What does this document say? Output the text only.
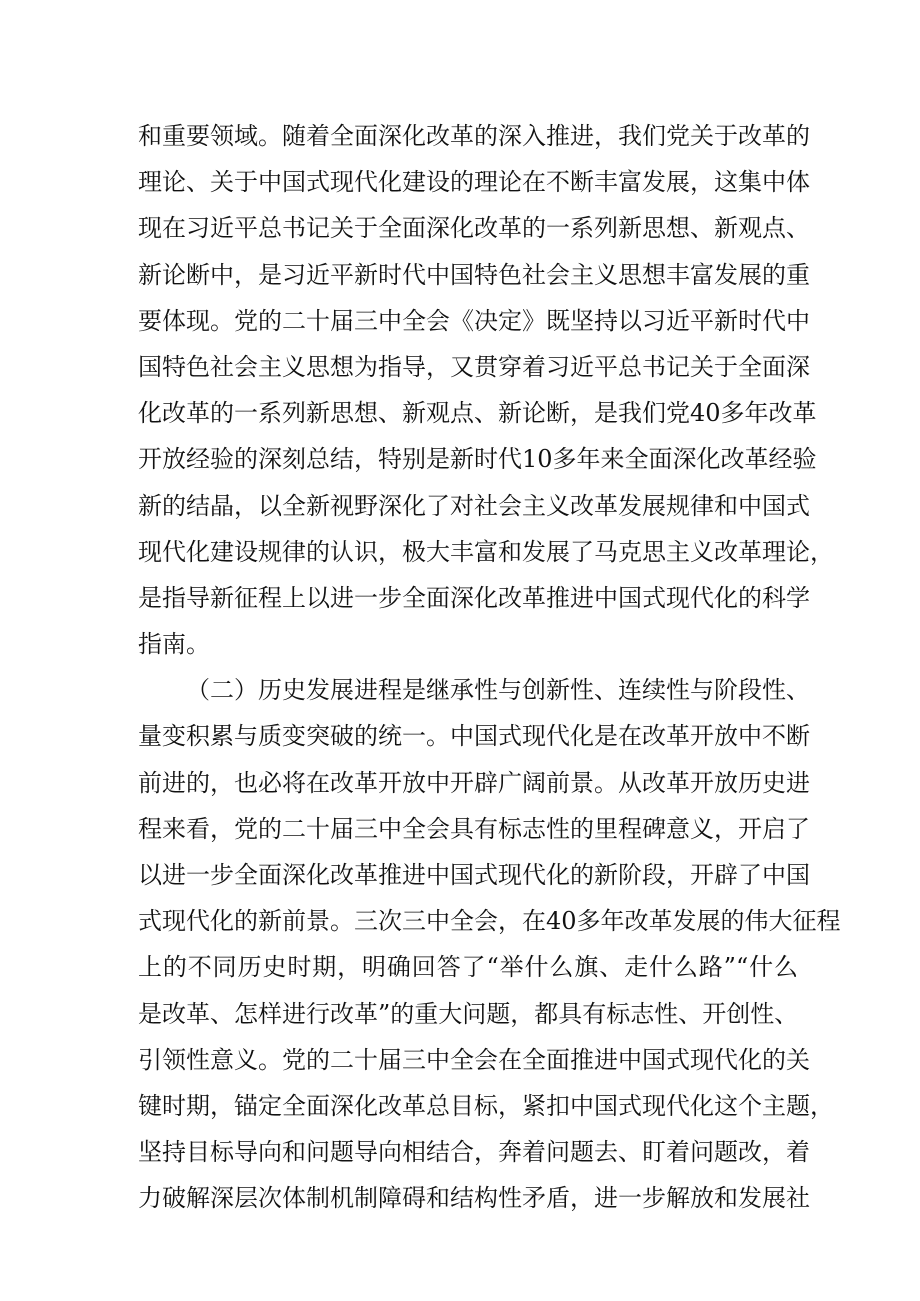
和重要领域。随着全面深化改革的深入推进，我们党关于改革的
理论、关于中国式现代化建设的理论在不断丰富发展，这集中体
现在习近平总书记关于全面深化改革的一系列新思想、新观点、
新论断中，是习近平新时代中国特色社会主义思想丰富发展的重
要体现。党的二十届三中全会《决定》既坚持以习近平新时代中
国特色社会主义思想为指导，又贯穿着习近平总书记关于全面深
化改革的一系列新思想、新观点、新论断，是我们党40多年改革
开放经验的深刻总结，特别是新时代10多年来全面深化改革经验
新的结晶，以全新视野深化了对社会主义改革发展规律和中国式
现代化建设规律的认识，极大丰富和发展了马克思主义改革理论，
是指导新征程上以进一步全面深化改革推进中国式现代化的科学
指南。
（二）历史发展进程是继承性与创新性、连续性与阶段性、
量变积累与质变突破的统一。中国式现代化是在改革开放中不断
前进的，也必将在改革开放中开辟广阔前景。从改革开放历史进
程来看，党的二十届三中全会具有标志性的里程碑意义，开启了
以进一步全面深化改革推进中国式现代化的新阶段，开辟了中国
式现代化的新前景。三次三中全会，在40多年改革发展的伟大征程
上的不同历史时期，明确回答了“举什么旗、走什么路”“什么
是改革、怎样进行改革”的重大问题，都具有标志性、开创性、
引领性意义。党的二十届三中全会在全面推进中国式现代化的关
键时期，锚定全面深化改革总目标，紧扣中国式现代化这个主题，
坚持目标导向和问题导向相结合，奔着问题去、盯着问题改，着
力破解深层次体制机制障碍和结构性矛盾，进一步解放和发展社
